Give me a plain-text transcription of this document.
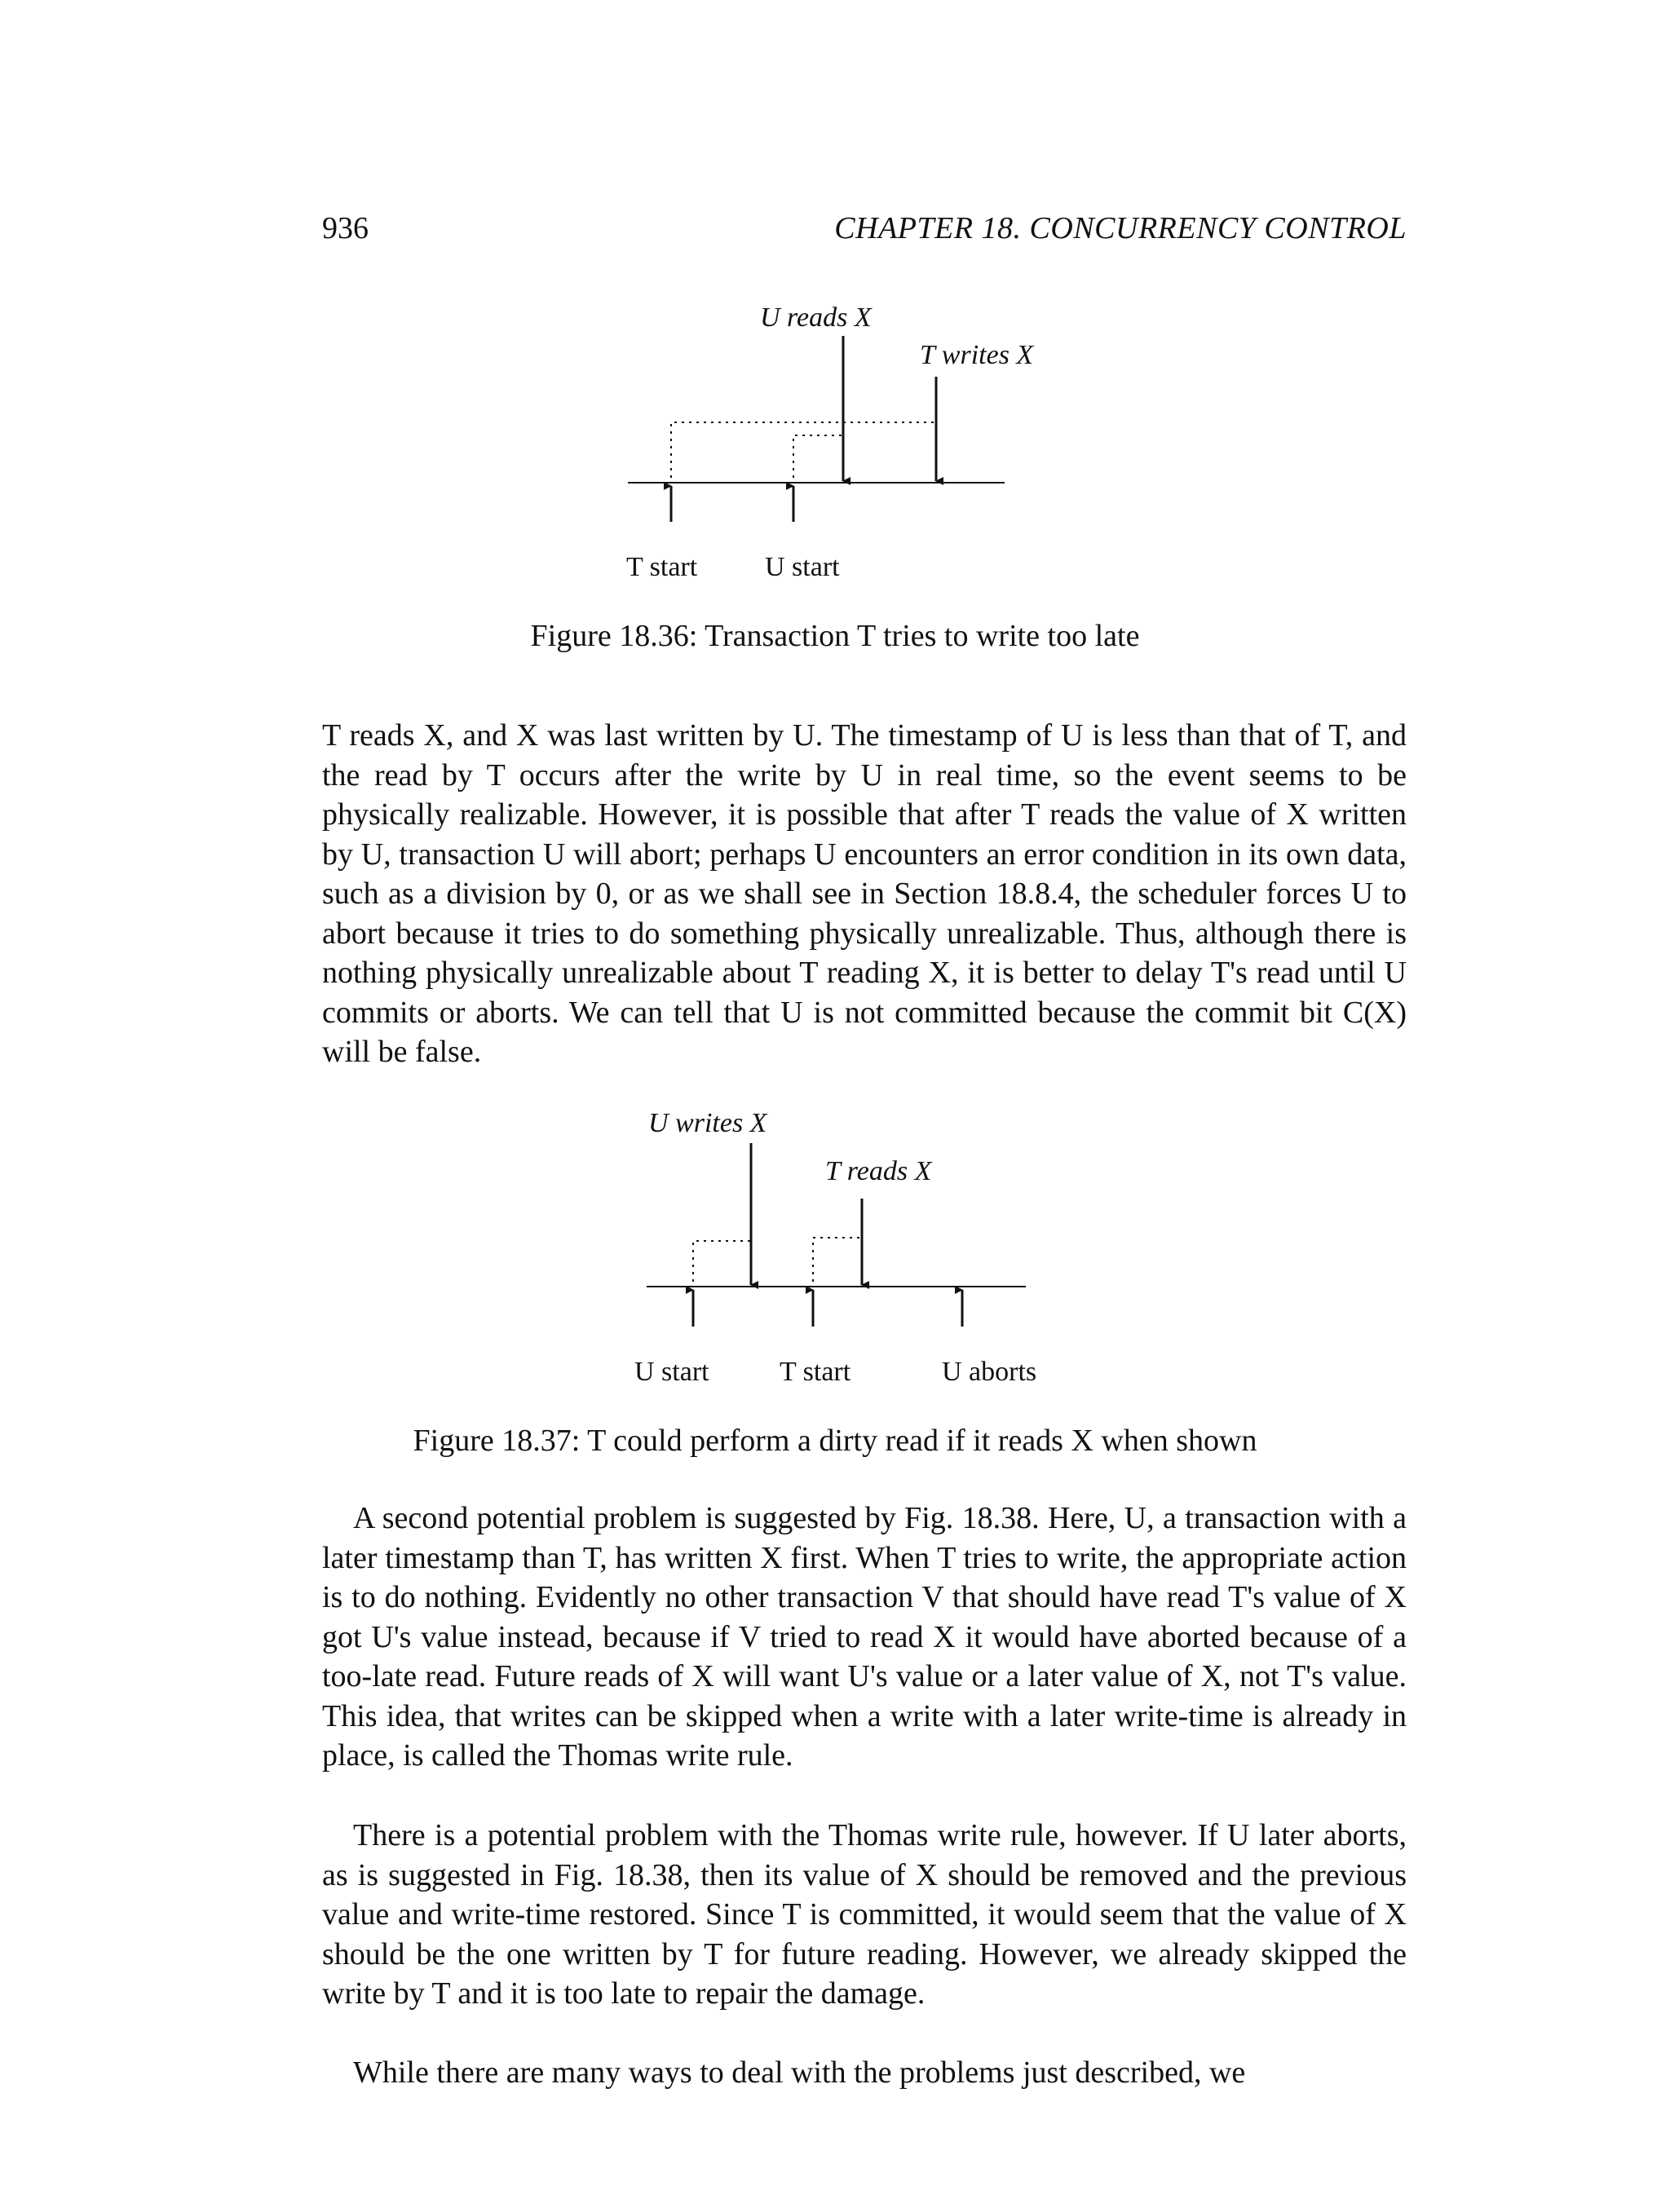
936	CHAPTER 18. CONCURRENCY CONTROL
U reads X
T writes X
T start U start
Figure 18.36: Transaction T tries to write too late

T reads X, and X was last written by U. The timestamp of U is less than that of T, and the read by T occurs after the write by U in real time, so the event seems to be physically realizable. However, it is possible that after T reads the value of X written by U, transaction U will abort; perhaps U encounters an error condition in its own data, such as a division by 0, or as we shall see in Section 18.8.4, the scheduler forces U to abort because it tries to do something physically unrealizable. Thus, although there is nothing physically unrealizable about T reading X, it is better to delay T's read until U commits or aborts. We can tell that U is not committed because the commit bit C(X) will be false.

U writes X
T reads X
U start	T start	U aborts
Figure 18.37: T could perform a dirty read if it reads X when shown

A second potential problem is suggested by Fig. 18.38. Here, U, a transaction with a later timestamp than T, has written X first. When T tries to write, the appropriate action is to do nothing. Evidently no other transaction V that should have read T's value of X got U's value instead, because if V tried to read X it would have aborted because of a too-late read. Future reads of X will want U's value or a later value of X, not T's value. This idea, that writes can be skipped when a write with a later write-time is already in place, is called the Thomas write rule.

There is a potential problem with the Thomas write rule, however. If U later aborts, as is suggested in Fig. 18.38, then its value of X should be removed and the previous value and write-time restored. Since T is committed, it would seem that the value of X should be the one written by T for future reading. However, we already skipped the write by T and it is too late to repair the damage.

While there are many ways to deal with the problems just described, we
